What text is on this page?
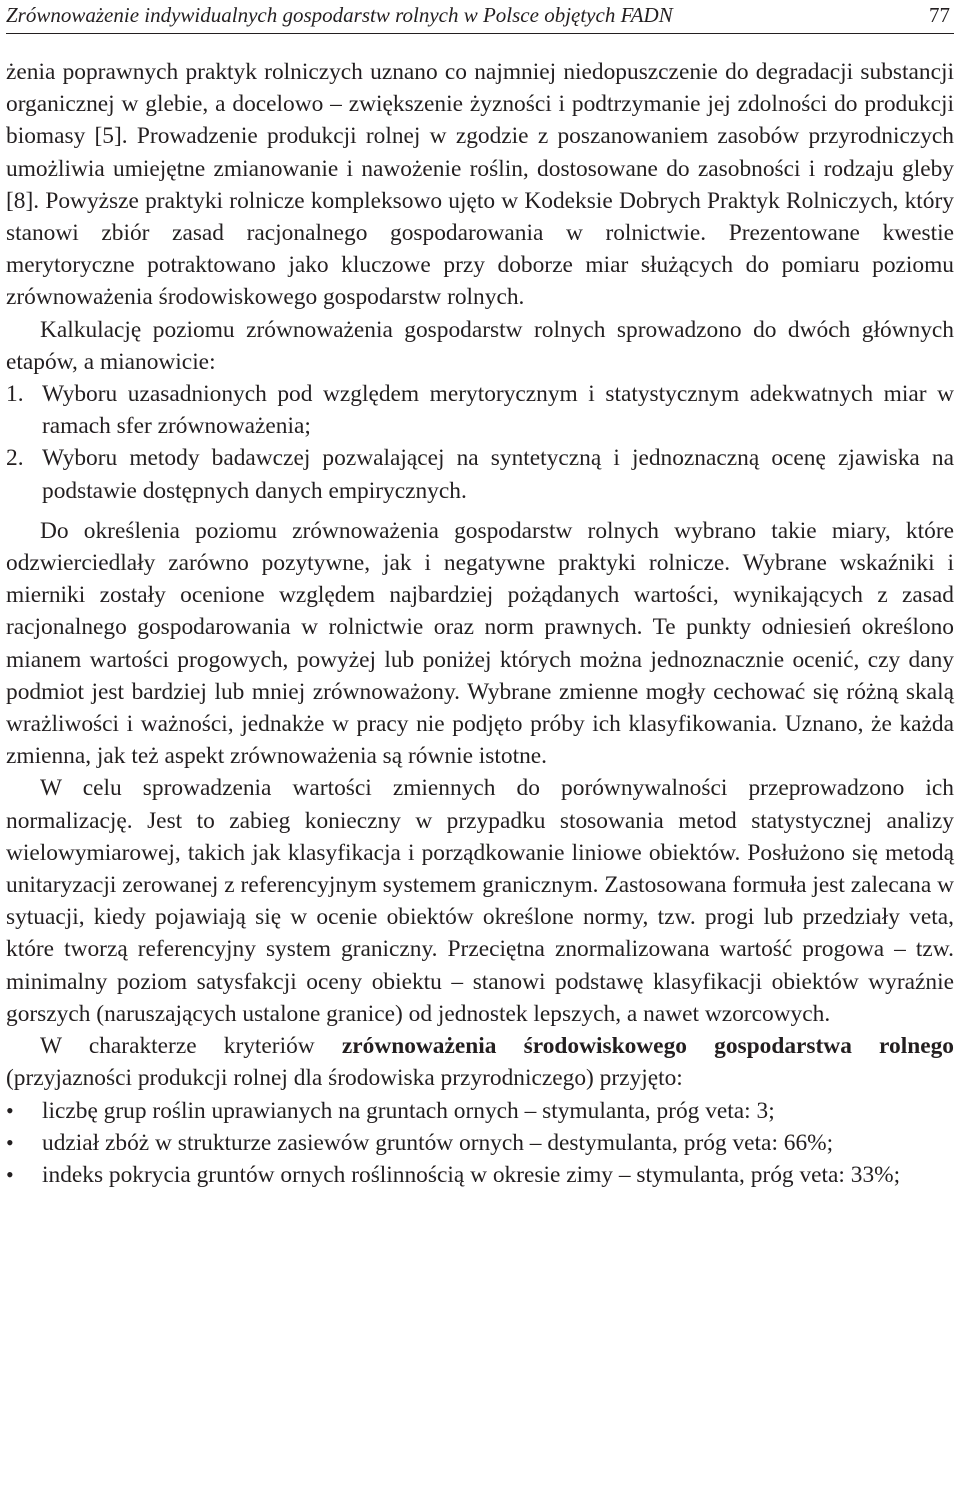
Zrównoważenie indywidualnych gospodarstw rolnych w Polsce objętych FADN	77

żenia poprawnych praktyk rolniczych uznano co najmniej niedopuszczenie do degradacji substancji organicznej w glebie, a docelowo – zwiększenie żyzności i podtrzymanie jej zdolności do produkcji biomasy [5]. Prowadzenie produkcji rolnej w zgodzie z poszanowaniem zasobów przyrodniczych umożliwia umiejętne zmianowanie i nawożenie roślin, dostosowane do zasobności i rodzaju gleby [8]. Powyższe praktyki rolnicze kompleksowo ujęto w Kodeksie Dobrych Praktyk Rolniczych, który stanowi zbiór zasad racjonalnego gospodarowania w rolnictwie. Prezentowane kwestie merytoryczne potraktowano jako kluczowe przy doborze miar służących do pomiaru poziomu zrównoważenia środowiskowego gospodarstw rolnych.

Kalkulację poziomu zrównoważenia gospodarstw rolnych sprowadzono do dwóch głównych etapów, a mianowicie:

1. Wyboru uzasadnionych pod względem merytorycznym i statystycznym adekwatnych miar w ramach sfer zrównoważenia;
2. Wyboru metody badawczej pozwalającej na syntetyczną i jednoznaczną ocenę zjawiska na podstawie dostępnych danych empirycznych.

Do określenia poziomu zrównoważenia gospodarstw rolnych wybrano takie miary, które odzwierciedlały zarówno pozytywne, jak i negatywne praktyki rolnicze. Wybrane wskaźniki i mierniki zostały ocenione względem najbardziej pożądanych wartości, wynikających z zasad racjonalnego gospodarowania w rolnictwie oraz norm prawnych. Te punkty odniesień określono mianem wartości progowych, powyżej lub poniżej których można jednoznacznie ocenić, czy dany podmiot jest bardziej lub mniej zrównoważony. Wybrane zmienne mogły cechować się różną skalą wrażliwości i ważności, jednakże w pracy nie podjęto próby ich klasyfikowania. Uznano, że każda zmienna, jak też aspekt zrównoważenia są równie istotne.

W celu sprowadzenia wartości zmiennych do porównywalności przeprowadzono ich normalizację. Jest to zabieg konieczny w przypadku stosowania metod statystycznej analizy wielowymiarowej, takich jak klasyfikacja i porządkowanie liniowe obiektów. Posłużono się metodą unitaryzacji zerowanej z referencyjnym systemem granicznym. Zastosowana formuła jest zalecana w sytuacji, kiedy pojawiają się w ocenie obiektów określone normy, tzw. progi lub przedziały veta, które tworzą referencyjny system graniczny. Przeciętna znormalizowana wartość progowa – tzw. minimalny poziom satysfakcji oceny obiektu – stanowi podstawę klasyfikacji obiektów wyraźnie gorszych (naruszających ustalone granice) od jednostek lepszych, a nawet wzorcowych.

W charakterze kryteriów zrównoważenia środowiskowego gospodarstwa rolnego (przyjazności produkcji rolnej dla środowiska przyrodniczego) przyjęto:

•	liczbę grup roślin uprawianych na gruntach ornych – stymulanta, próg veta: 3;
•	udział zbóż w strukturze zasiewów gruntów ornych – destymulanta, próg veta: 66%;
•	indeks pokrycia gruntów ornych roślinnością w okresie zimy – stymulanta, próg veta: 33%;
